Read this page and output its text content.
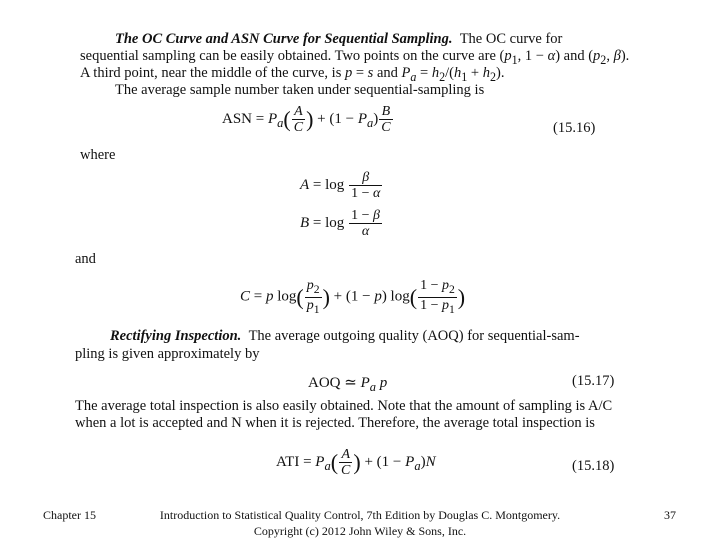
The OC Curve and ASN Curve for Sequential Sampling. The OC curve for
sequential sampling can be easily obtained. Two points on the curve are ($p_1$, 1 − α) and ($p_2$, β).
A third point, near the middle of the curve, is p = s and $P_a = h_2/(h_1 + h_2)$.
The average sample number taken under sequential-sampling is
ASN = $P_a( \frac{A}{C}$ ) + $(1 - P_a) \frac{B}{C}$	(15.16)
where
$A = \log \frac{\beta}{1 - \alpha}$
$B = \log \frac{1 - \beta}{\alpha}$
and
C = p $\log( \frac{p_2}{p_1}$ ) + (1 − p) $\log( \frac{1 - p_2}{1 - p_1}$ )
Rectifying Inspection. The average outgoing quality (AOQ) for sequential-sam-
pling is given approximately by
AOQ ≃ $P_a$ p	(15.17)
The average total inspection is also easily obtained. Note that the amount of sampling is A/C
when a lot is accepted and N when it is rejected. Therefore, the average total inspection is
ATI = $P_a( \frac{A}{C}$ ) + $(1 - P_a)N$	(15.18)
Chapter 15	Introduction to Statistical Quality Control, 7th Edition by Douglas C. Montgomery.
Copyright (c) 2012 John Wiley & Sons, Inc.
37
